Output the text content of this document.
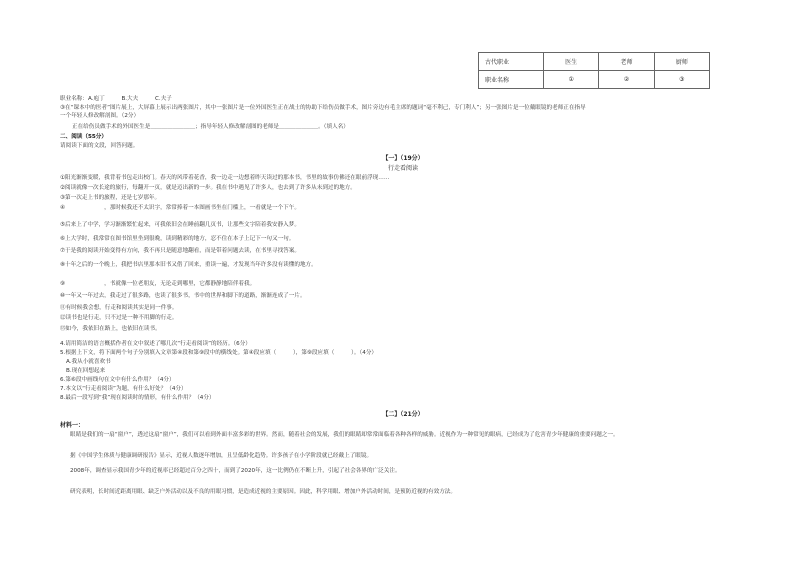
古代职业	医生	老师	厨师
职业名称	①	②	③
职业名称：A.庖丁　　　B.大夫　　　C.夫子
③在“课本中的医者”图片展上，大屏幕上展示出两张图片，其中一张图片是一位外国医生正在战士的协助下给伤员做手术，图片旁边有毛主席的题词“毫不利己，专门利人”；另一张图片是一位戴眼镜的老师正在指导
一个年轻人修改解剖图。（2分）
正在给伤员做手术的外国医生是＿＿＿＿＿＿＿＿；指导年轻人修改解剖图的老师是＿＿＿＿＿＿＿。（填人名）
二、阅读（55分）
请阅读下面的文段，回答问题。
【一】（19分）
行走看阅读
①阳光渐渐变暖，我背着书包走出校门。春天的风带着花香，我一边走一边想着昨天读过的那本书，书里的故事仿佛还在眼前浮现……
②阅读就像一次长途的旅行，每翻开一页，就是迈出新的一步。我在书中遇见了许多人，也去到了许多从未到过的地方。
③第一次走上书的旅程，还是七岁那年。
④　　　　　　　，那时候我还不太识字，常常捧着一本图画书坐在门槛上，一看就是一个下午。
⑤后来上了中学，学习渐渐繁忙起来，可我依旧会在睡前翻几页书，让那些文字陪着我安静入梦。
⑥上大学时，我常常在图书馆里坐到很晚，读到精彩的地方，忍不住在本子上记下一句又一句。
⑦于是我的阅读开始变得有方向，我不再只是随意地翻看，而是带着问题去读，在书里寻找答案。
⑧十年之后的一个晚上，我把书店里那本旧书又借了回来，重读一遍，才发现当年许多没有读懂的地方。
⑨　　　　　　　，书就像一位老朋友，无论走到哪里，它都静静地陪伴着我。
⑩一年又一年过去，我走过了很多路，也读了很多书，书中的世界和脚下的道路，渐渐连成了一片。
⑪有时候我会想，行走和阅读其实是同一件事。
⑫读书也是行走，只不过是一种不用脚的行走。
⑬如今，我依旧在路上，也依旧在读书。
4.请用简洁的语言概括作者在文中叙述了哪几次“行走看阅读”的经历。（6分）
5.根据上下文，将下面两个句子分别填入文章第④段和第⑨段中的横线处。第④段应填（　　　），第⑨段应填（　　　）。（4分）
A.我从小就喜欢书
B.现在回想起来
6.第⑥段中画线句在文中有什么作用？（4分）
7.本文以“行走看阅读”为题，有什么好处？（4分）
8.最后一段写到“我”现在阅读时的情形，有什么作用？（4分）
【二】（21分）
材料一：
眼睛是我们的一扇“窗户”，透过这扇“窗户”，我们可以看到外面丰富多彩的世界。然而，随着社会的发展，我们的眼睛却常常面临着各种各样的威胁。近视作为一种常见的眼病，已经成为了危害青少年健康的重要问题之一。
据《中国学生体质与健康调研报告》显示，近视人数逐年增加，且呈低龄化趋势。许多孩子在小学阶段就已经戴上了眼镜。
2008年，调查显示我国青少年的近视率已经超过百分之四十，而到了2020年，这一比例仍在不断上升，引起了社会各界的广泛关注。
研究表明，长时间近距离用眼、缺乏户外活动以及不良的用眼习惯，是造成近视的主要原因。因此，科学用眼、增加户外活动时间，是预防近视的有效方法。
